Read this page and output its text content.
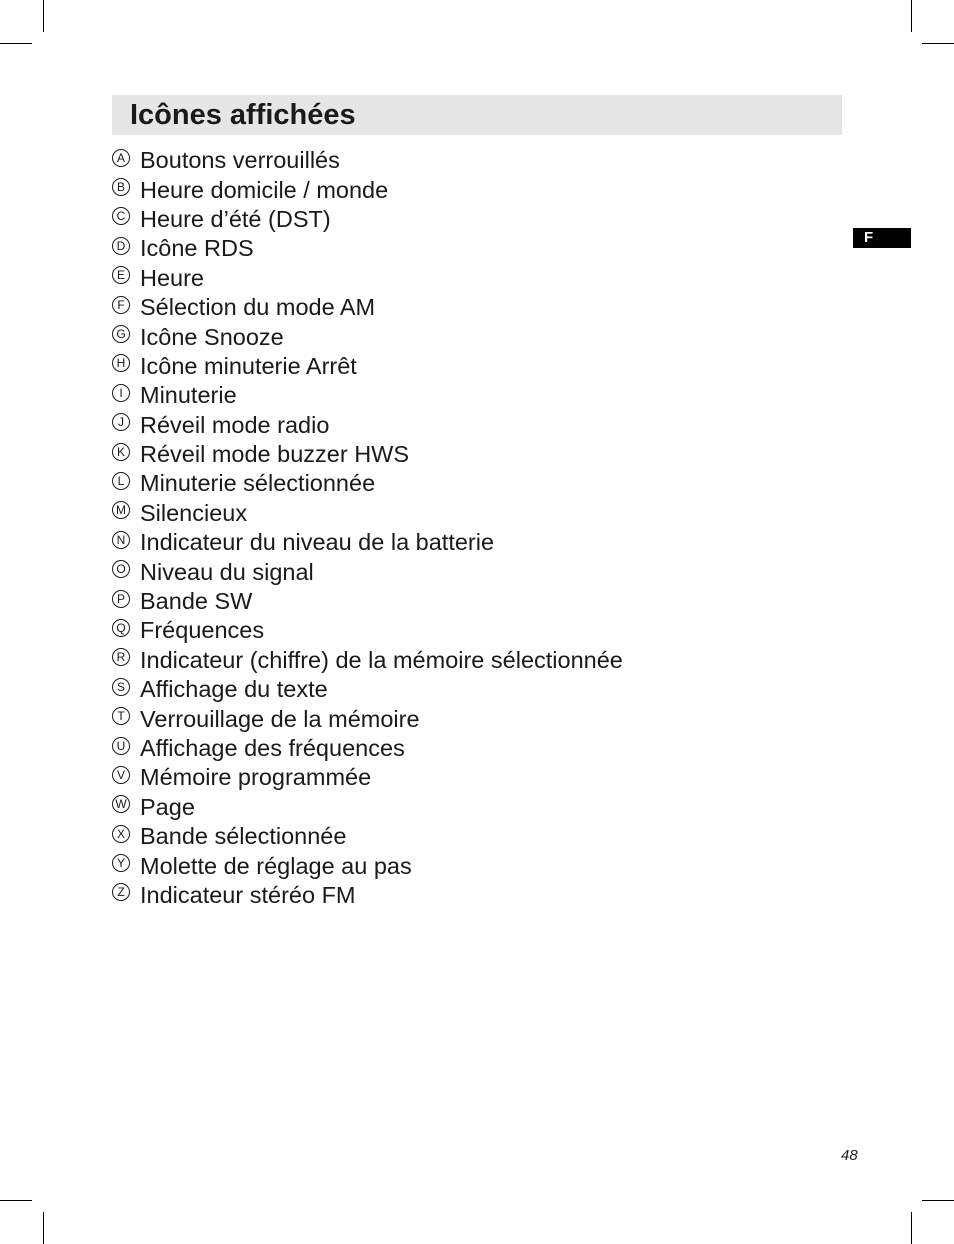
Icônes affichées
A Boutons verrouillés
B Heure domicile / monde
C Heure d’été (DST)
D Icône RDS
E Heure
F Sélection du mode AM
G Icône Snooze
H Icône minuterie Arrêt
I Minuterie
J Réveil mode radio
K Réveil mode buzzer HWS
L Minuterie sélectionnée
M Silencieux
N Indicateur du niveau de la batterie
O Niveau du signal
P Bande SW
Q Fréquences
R Indicateur (chiffre) de la mémoire sélectionnée
S Affichage du texte
T Verrouillage de la mémoire
U Affichage des fréquences
V Mémoire programmée
W Page
X Bande sélectionnée
Y Molette de réglage au pas
Z Indicateur stéréo FM
F
48
